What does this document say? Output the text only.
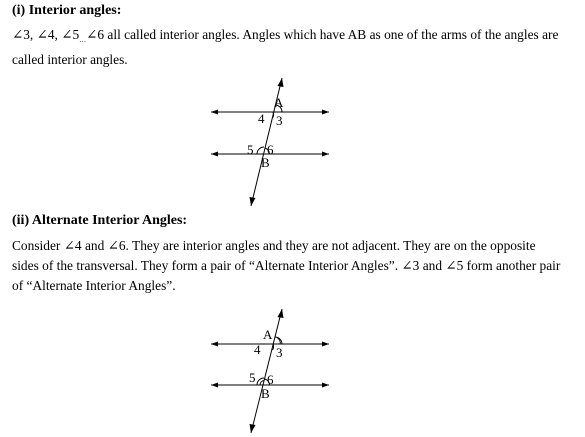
(i) Interior angles:

∠3, ∠4, $\angle 5_\dots\angle 6$ all called interior angles. Angles which have AB as one of the arms of the angles are

called interior angles.

A
4 3
5 6
B
(ii) Alternate Interior Angles:

Consider ∠4 and ∠6. They are interior angles and they are not adjacent. They are on the opposite

sides of the transversal. They form a pair of “Alternate Interior Angles”. ∠3 and ∠5 form another pair

of “Alternate Interior Angles”.

A
4 3
5 6
B
